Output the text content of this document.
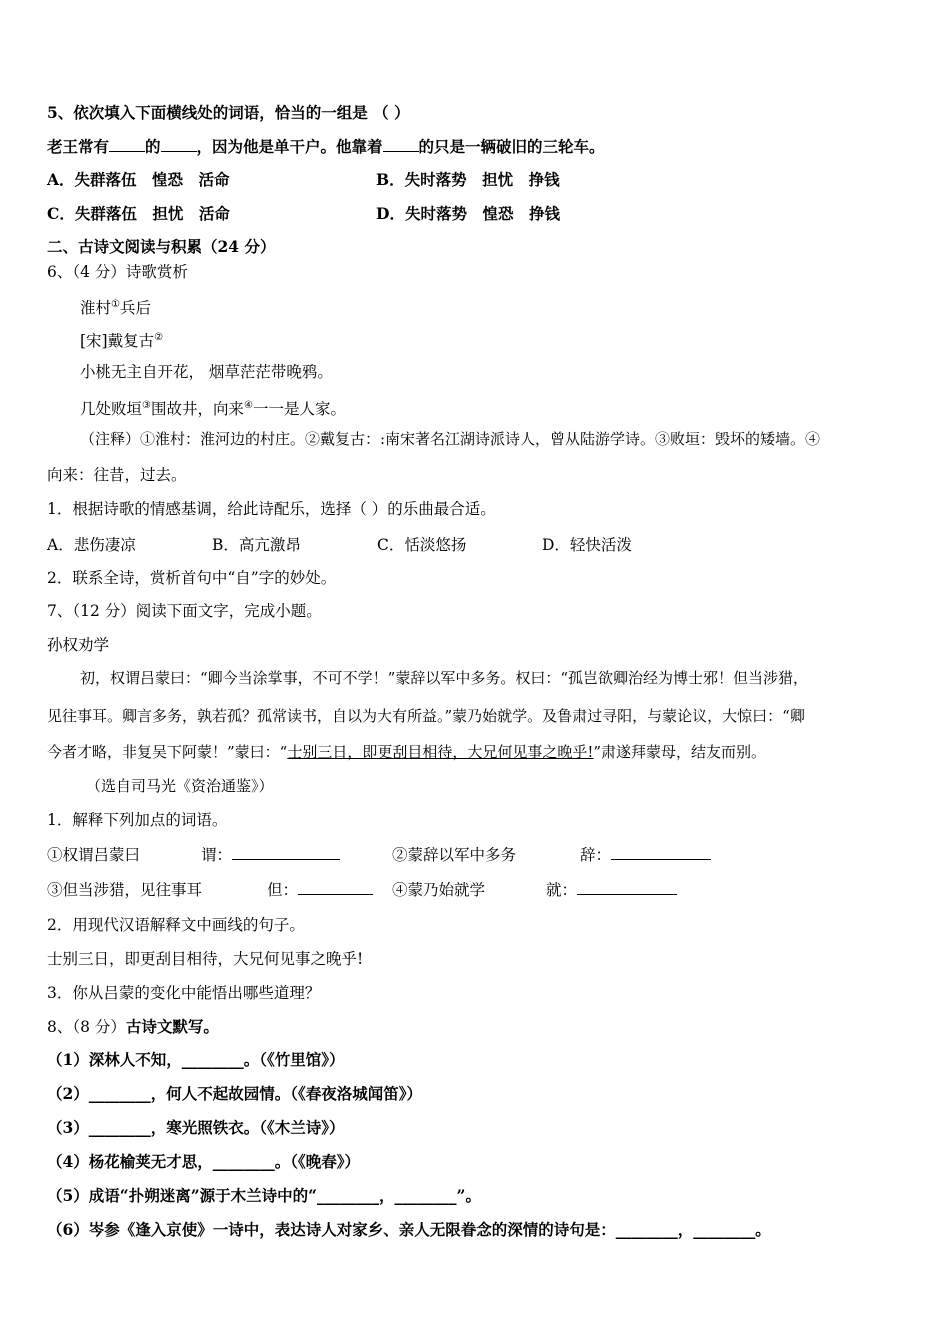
5、依次填入下面横线处的词语，恰当的一组是 （ ）
老王常有 的 ，因为他是单干户。他靠着 的只是一辆破旧的三轮车。
A．失群落伍　惶恐　活命	B．失时落势　担忧　挣钱
C．失群落伍　担忧　活命	D．失时落势　惶恐　挣钱
二、古诗文阅读与积累（24 分）
6、（4 分）诗歌赏析
淮村①兵后
[宋]戴复古②
小桃无主自开花， 烟草茫茫带晚鸦。
几处败垣③围故井，向来④一一是人家。
（注释）①淮村：淮河边的村庄。②戴复古：:南宋著名江湖诗派诗人，曾从陆游学诗。③败垣：毁坏的矮墙。④
向来：往昔，过去。
1．根据诗歌的情感基调，给此诗配乐，选择（ ）的乐曲最合适。
A．悲伤凄凉	B．高亢激昂	C．恬淡悠扬	D．轻快活泼
2．联系全诗，赏析首句中“自”字的妙处。
7、（12 分）阅读下面文字，完成小题。
孙权劝学
初，权谓吕蒙曰：“卿今当涂掌事，不可不学！”蒙辞以军中多务。权曰：“孤岂欲卿治经为博士邪！但当涉猎，
见往事耳。卿言多务，孰若孤？孤常读书，自以为大有所益。”蒙乃始就学。及鲁肃过寻阳，与蒙论议，大惊曰：“卿
今者才略，非复吴下阿蒙！”蒙曰：“士别三日，即更刮目相待，大兄何见事之晚乎!”肃遂拜蒙母，结友而别。
（选自司马光《资治通鉴》）
1．解释下列加点的词语。
①权谓吕蒙曰	谓：	②蒙辞以军中多务	辞：
③但当涉猎，见往事耳	但：	④蒙乃始就学	就：
2．用现代汉语解释文中画线的句子。
士别三日，即更刮目相待，大兄何见事之晚乎!
3．你从吕蒙的变化中能悟出哪些道理？
8、（8 分）古诗文默写。
（1）深林人不知，________。（《竹里馆》）
（2）________，何人不起故园情。（《春夜洛城闻笛》）
（3）________，寒光照铁衣。（《木兰诗》）
（4）杨花榆荚无才思，________。（《晚春》）
（5）成语“扑朔迷离”源于木兰诗中的“________，________”。
（6）岑参《逢入京使》一诗中，表达诗人对家乡、亲人无限眷念的深情的诗句是：________，________。
